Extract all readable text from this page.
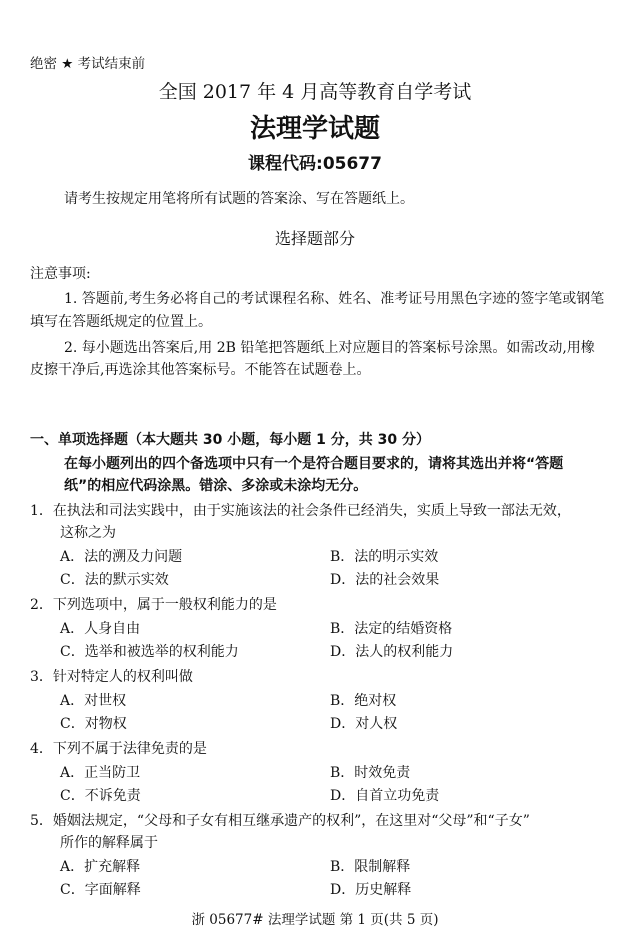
绝密 ★ 考试结束前
全国 2017 年 4 月高等教育自学考试
法理学试题
课程代码:05677
请考生按规定用笔将所有试题的答案涂、写在答题纸上。
选择题部分
注意事项:
1. 答题前,考生务必将自己的考试课程名称、姓名、准考证号用黑色字迹的签字笔或钢笔
填写在答题纸规定的位置上。
2. 每小题选出答案后,用 2B 铅笔把答题纸上对应题目的答案标号涂黑。如需改动,用橡
皮擦干净后,再选涂其他答案标号。不能答在试题卷上。
一、单项选择题（本大题共 30 小题，每小题 1 分，共 30 分）
在每小题列出的四个备选项中只有一个是符合题目要求的，请将其选出并将“答题
纸”的相应代码涂黑。错涂、多涂或未涂均无分。
1．在执法和司法实践中，由于实施该法的社会条件已经消失，实质上导致一部法无效，
这称之为
A．法的溯及力问题	B．法的明示实效
C．法的默示实效	D．法的社会效果
2．下列选项中，属于一般权利能力的是
A．人身自由	B．法定的结婚资格
C．选举和被选举的权利能力	D．法人的权利能力
3．针对特定人的权利叫做
A．对世权	B．绝对权
C．对物权	D．对人权
4．下列不属于法律免责的是
A．正当防卫	B．时效免责
C．不诉免责	D．自首立功免责
5．婚姻法规定，“父母和子女有相互继承遗产的权利”，在这里对“父母”和“子女”
所作的解释属于
A．扩充解释	B．限制解释
C．字面解释	D．历史解释
浙 05677# 法理学试题 第 1 页(共 5 页)
